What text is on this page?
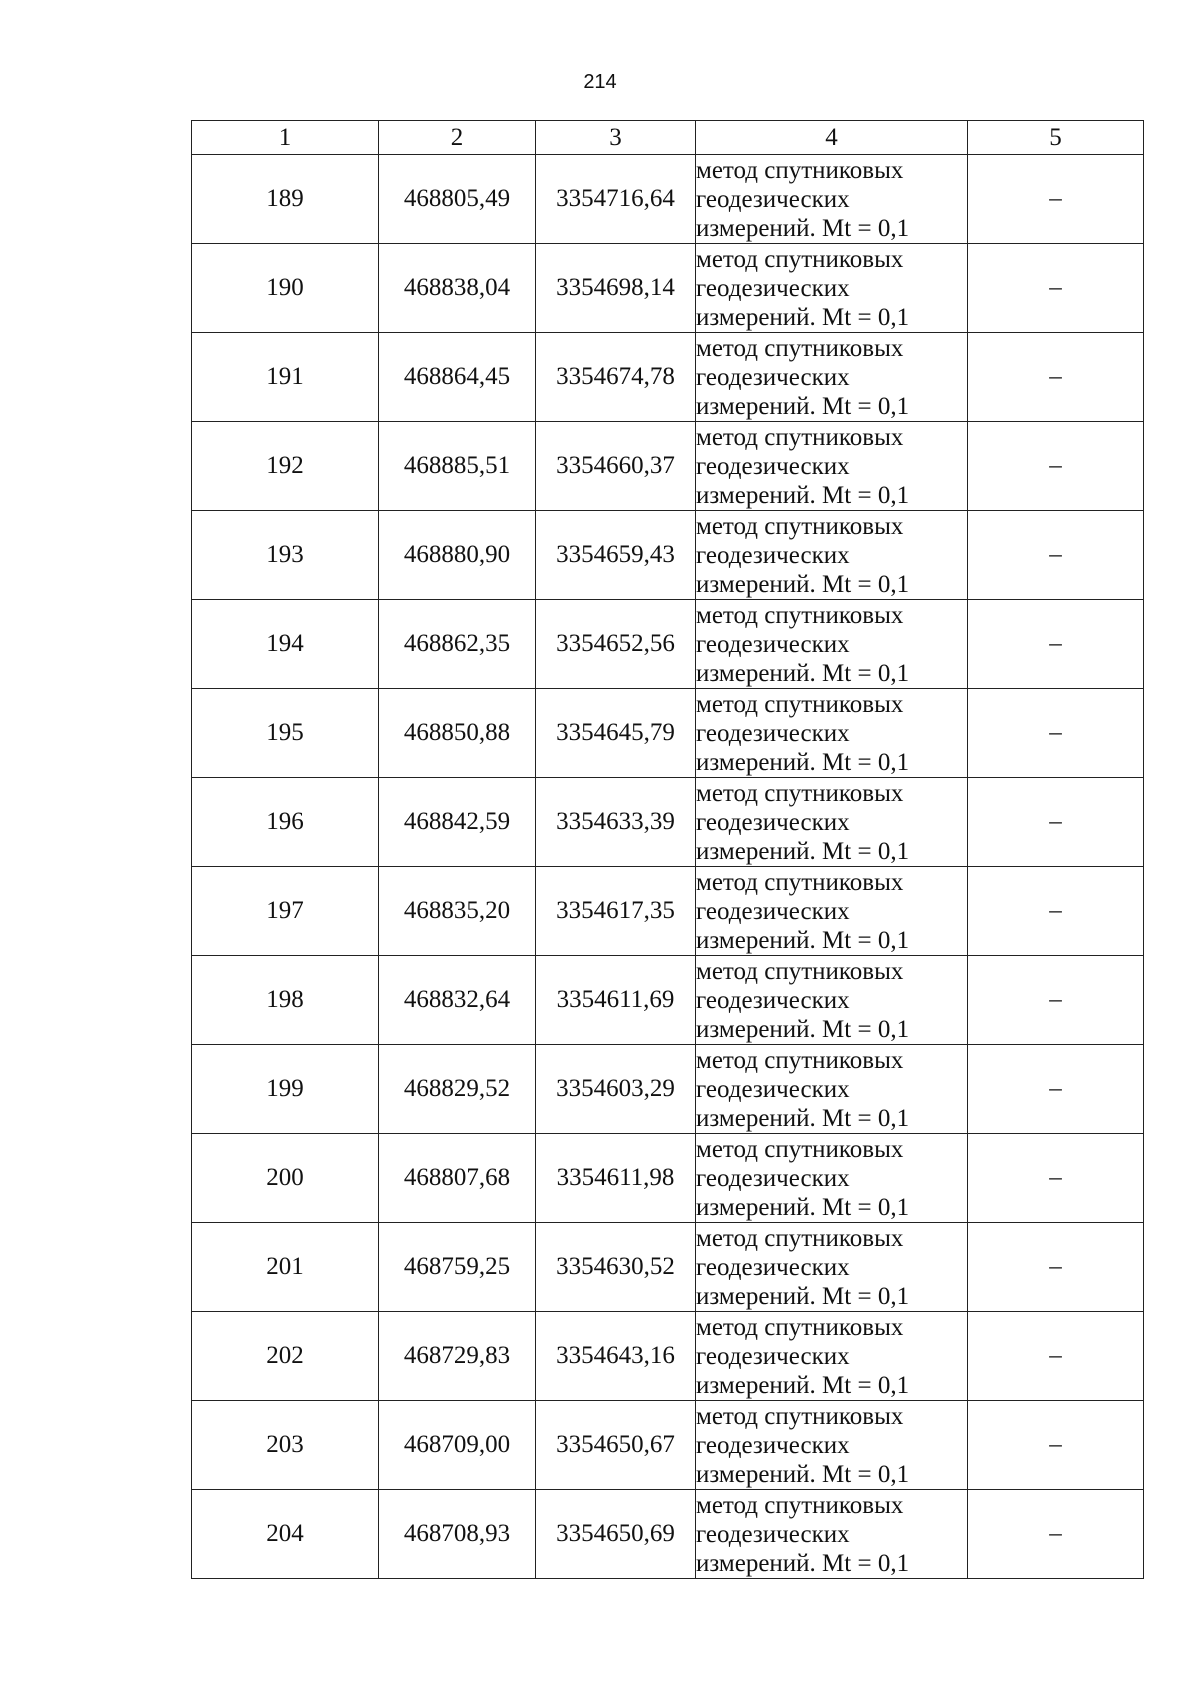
214
1	2	3	4	5
189	468805,49	3354716,64	метод спутниковых
геодезических
измерений. Mt = 0,1	–
190	468838,04	3354698,14	метод спутниковых
геодезических
измерений. Mt = 0,1	–
191	468864,45	3354674,78	метод спутниковых
геодезических
измерений. Mt = 0,1	–
192	468885,51	3354660,37	метод спутниковых
геодезических
измерений. Mt = 0,1	–
193	468880,90	3354659,43	метод спутниковых
геодезических
измерений. Mt = 0,1	–
194	468862,35	3354652,56	метод спутниковых
геодезических
измерений. Mt = 0,1	–
195	468850,88	3354645,79	метод спутниковых
геодезических
измерений. Mt = 0,1	–
196	468842,59	3354633,39	метод спутниковых
геодезических
измерений. Mt = 0,1	–
197	468835,20	3354617,35	метод спутниковых
геодезических
измерений. Mt = 0,1	–
198	468832,64	3354611,69	метод спутниковых
геодезических
измерений. Mt = 0,1	–
199	468829,52	3354603,29	метод спутниковых
геодезических
измерений. Mt = 0,1	–
200	468807,68	3354611,98	метод спутниковых
геодезических
измерений. Mt = 0,1	–
201	468759,25	3354630,52	метод спутниковых
геодезических
измерений. Mt = 0,1	–
202	468729,83	3354643,16	метод спутниковых
геодезических
измерений. Mt = 0,1	–
203	468709,00	3354650,67	метод спутниковых
геодезических
измерений. Mt = 0,1	–
204	468708,93	3354650,69	метод спутниковых
геодезических
измерений. Mt = 0,1	–
